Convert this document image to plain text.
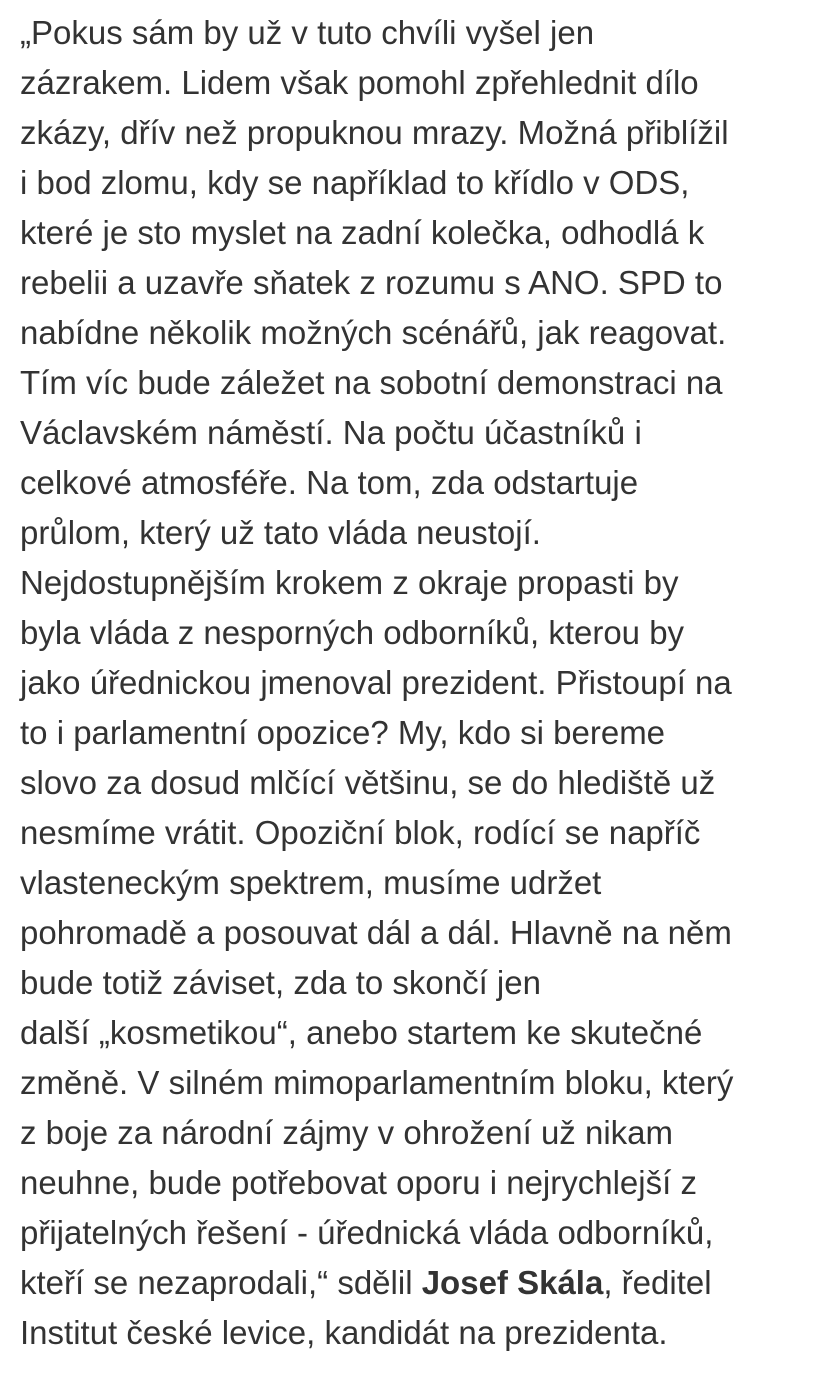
„Pokus sám by už v tuto chvíli vyšel jen
zázrakem. Lidem však pomohl zpřehlednit dílo
zkázy, dřív než propuknou mrazy. Možná přiblížil
i bod zlomu, kdy se například to křídlo v ODS,
které je sto myslet na zadní kolečka, odhodlá k
rebelii a uzavře sňatek z rozumu s ANO. SPD to
nabídne několik možných scénářů, jak reagovat.
Tím víc bude záležet na sobotní demonstraci na
Václavském náměstí. Na počtu účastníků i
celkové atmosféře. Na tom, zda odstartuje
průlom, který už tato vláda neustojí.
Nejdostupnějším krokem z okraje propasti by
byla vláda z nesporných odborníků, kterou by
jako úřednickou jmenoval prezident. Přistoupí na
to i parlamentní opozice? My, kdo si bereme
slovo za dosud mlčící většinu, se do hlediště už
nesmíme vrátit. Opoziční blok, rodící se napříč
vlasteneckým spektrem, musíme udržet
pohromadě a posouvat dál a dál. Hlavně na něm
bude totiž záviset, zda to skončí jen
další „kosmetikou“, anebo startem ke skutečné
změně. V silném mimoparlamentním bloku, který
z boje za národní zájmy v ohrožení už nikam
neuhne, bude potřebovat oporu i nejrychlejší z
přijatelných řešení - úřednická vláda odborníků,
kteří se nezaprodali,“ sdělil Josef Skála, ředitel
Institut české levice, kandidát na prezidenta.
